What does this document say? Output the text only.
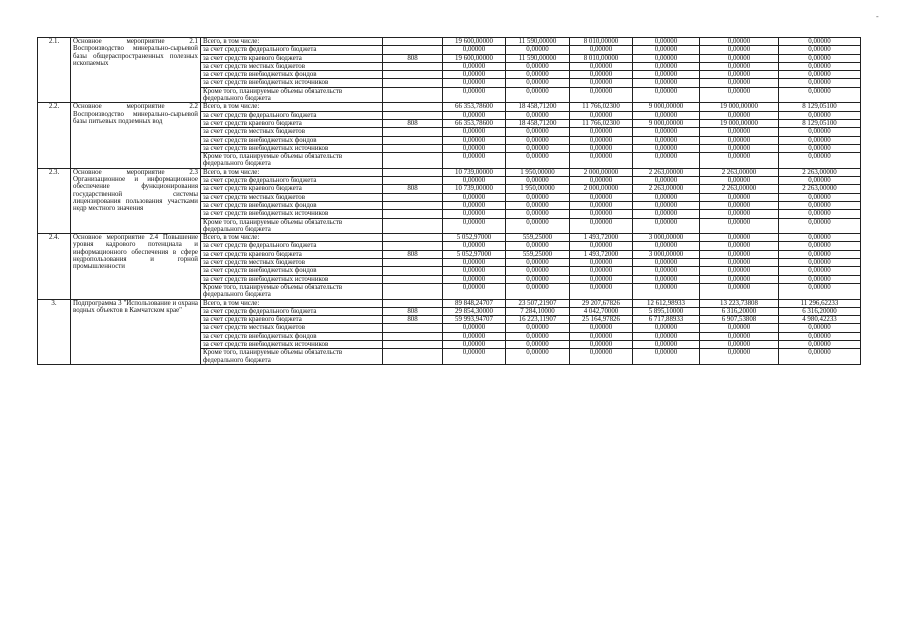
-
2.1.	Основное мероприятие 2.1 Воспроизводство минерально-сырьевой базы общераспространенных полезных ископаемых	Всего, в том числе:		19 600,00000	11 590,00000	8 010,00000	0,00000	0,00000	0,00000
		за счет средств федерального бюджета		0,00000	0,00000	0,00000	0,00000	0,00000	0,00000
		за счет средств краевого бюджета	808	19 600,00000	11 590,00000	8 010,00000	0,00000	0,00000	0,00000
		за счет средств местных бюджетов		0,00000	0,00000	0,00000	0,00000	0,00000	0,00000
		за счет средств внебюджетных фондов		0,00000	0,00000	0,00000	0,00000	0,00000	0,00000
		за счет средств внебюджетных источников		0,00000	0,00000	0,00000	0,00000	0,00000	0,00000
		Кроме того, планируемые объемы обязательств федерального бюджета		0,00000	0,00000	0,00000	0,00000	0,00000	0,00000
2.2.	Основное мероприятие 2.2 Воспроизводство минерально-сырьевой базы питьевых подземных вод	Всего, в том числе:		66 353,78600	18 458,71200	11 766,02300	9 000,00000	19 000,00000	8 129,05100
		за счет средств федерального бюджета		0,00000	0,00000	0,00000	0,00000	0,00000	0,00000
		за счет средств краевого бюджета	808	66 353,78600	18 458,71200	11 766,02300	9 000,00000	19 000,00000	8 129,05100
		за счет средств местных бюджетов		0,00000	0,00000	0,00000	0,00000	0,00000	0,00000
		за счет средств внебюджетных фондов		0,00000	0,00000	0,00000	0,00000	0,00000	0,00000
		за счет средств внебюджетных источников		0,00000	0,00000	0,00000	0,00000	0,00000	0,00000
		Кроме того, планируемые объемы обязательств федерального бюджета		0,00000	0,00000	0,00000	0,00000	0,00000	0,00000
2.3.	Основное мероприятие 2.3 Организационное и информационное обеспечение функционирования государственной системы лицензирования пользования участками недр местного значения	Всего, в том числе:		10 739,00000	1 950,00000	2 000,00000	2 263,00000	2 263,00000	2 263,00000
		за счет средств федерального бюджета		0,00000	0,00000	0,00000	0,00000	0,00000	0,00000
		за счет средств краевого бюджета	808	10 739,00000	1 950,00000	2 000,00000	2 263,00000	2 263,00000	2 263,00000
		за счет средств местных бюджетов		0,00000	0,00000	0,00000	0,00000	0,00000	0,00000
		за счет средств внебюджетных фондов		0,00000	0,00000	0,00000	0,00000	0,00000	0,00000
		за счет средств внебюджетных источников		0,00000	0,00000	0,00000	0,00000	0,00000	0,00000
		Кроме того, планируемые объемы обязательств федерального бюджета		0,00000	0,00000	0,00000	0,00000	0,00000	0,00000
2.4.	Основное мероприятие 2.4 Повышение уровня кадрового потенциала и информационного обеспечения в сфере недропользования и горной промышленности	Всего, в том числе:		5 052,97000	559,25000	1 493,72000	3 000,00000	0,00000	0,00000
		за счет средств федерального бюджета		0,00000	0,00000	0,00000	0,00000	0,00000	0,00000
		за счет средств краевого бюджета	808	5 052,97000	559,25000	1 493,72000	3 000,00000	0,00000	0,00000
		за счет средств местных бюджетов		0,00000	0,00000	0,00000	0,00000	0,00000	0,00000
		за счет средств внебюджетных фондов		0,00000	0,00000	0,00000	0,00000	0,00000	0,00000
		за счет средств внебюджетных источников		0,00000	0,00000	0,00000	0,00000	0,00000	0,00000
		Кроме того, планируемые объемы обязательств федерального бюджета		0,00000	0,00000	0,00000	0,00000	0,00000	0,00000
3.	Подпрограмма 3 "Использование и охрана водных объектов в Камчатском крае"	Всего, в том числе:		89 848,24707	23 507,21907	29 207,67826	12 612,98933	13 223,73808	11 296,62233
		за счет средств федерального бюджета	808	29 854,30000	7 284,10000	4 042,70000	5 895,10000	6 316,20000	6 316,20000
		за счет средств краевого бюджета	808	59 993,94707	16 223,11907	25 164,97826	6 717,88933	6 907,53808	4 980,42233
		за счет средств местных бюджетов		0,00000	0,00000	0,00000	0,00000	0,00000	0,00000
		за счет средств внебюджетных фондов		0,00000	0,00000	0,00000	0,00000	0,00000	0,00000
		за счет средств внебюджетных источников		0,00000	0,00000	0,00000	0,00000	0,00000	0,00000
		Кроме того, планируемые объемы обязательств федерального бюджета		0,00000	0,00000	0,00000	0,00000	0,00000	0,00000
